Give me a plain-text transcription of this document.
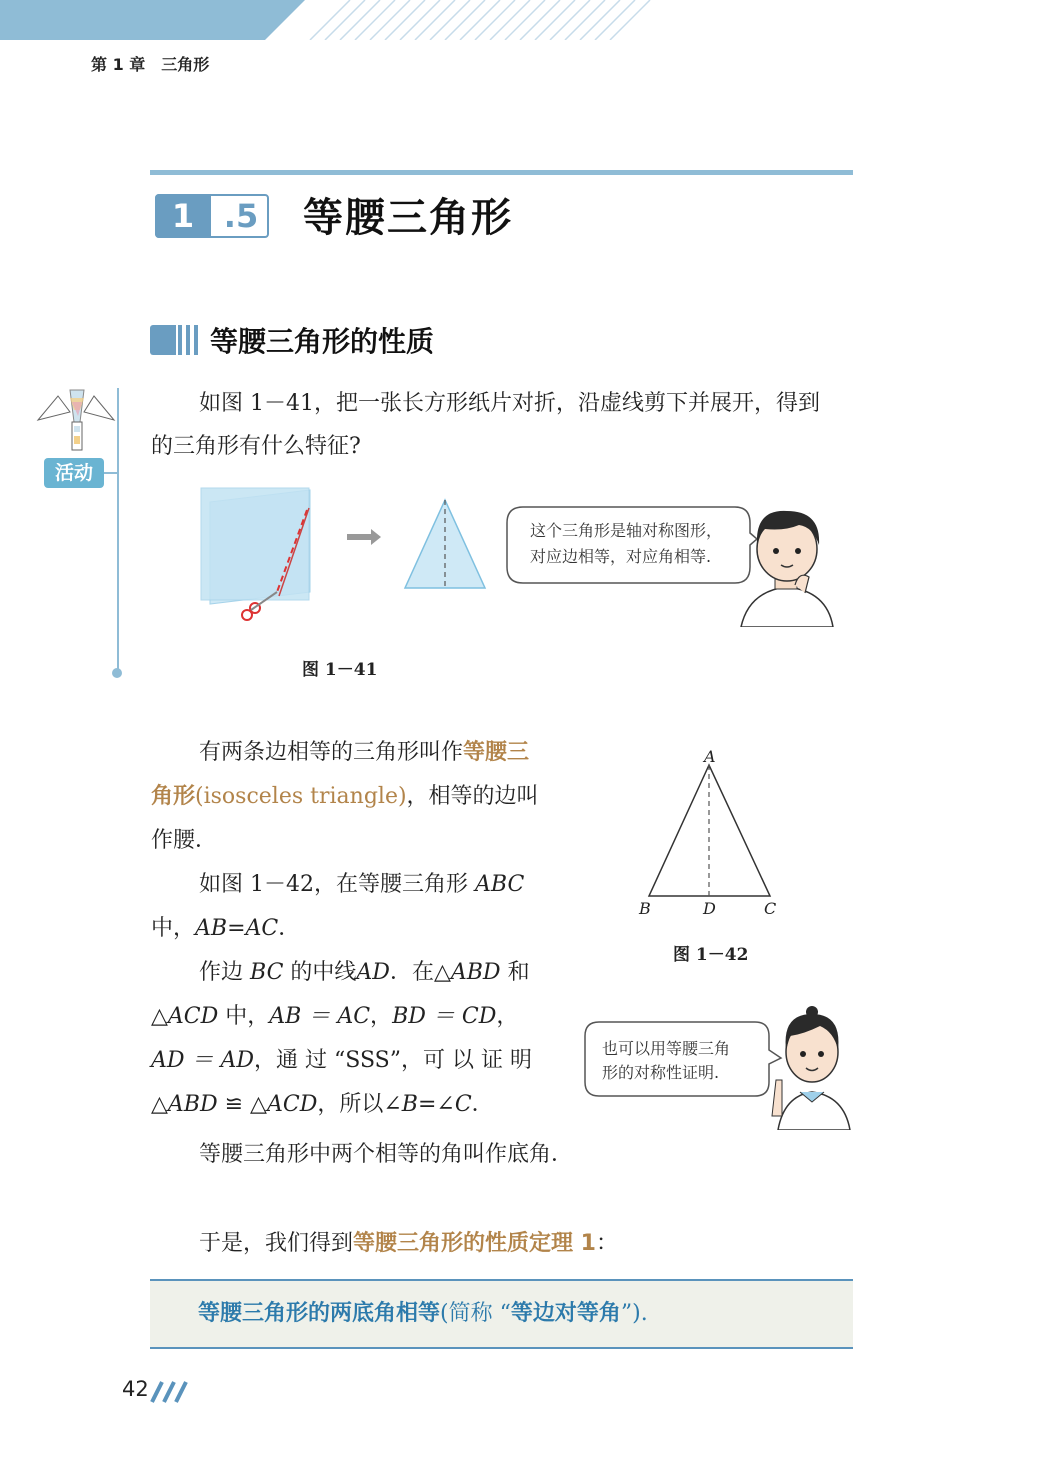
第 1 章　三角形
1 .5 等腰三角形
等腰三角形的性质
活动
如图 1－41，把一张长方形纸片对折，沿虚线剪下并展开，得到
的三角形有什么特征?
这个三角形是轴对称图形，
对应边相等，对应角相等.
图 1－41
有两条边相等的三角形叫作等腰三
角形(isosceles triangle)，相等的边叫
作腰．
如图 1－42，在等腰三角形 ABC
中，AB=AC．
作边 BC 的中线AD．在△ABD 和
△ACD 中，AB ＝ AC，BD ＝ CD，
AD ＝ AD，通 过 “SSS”，可 以 证 明
△ABD ≌ △ACD，所以∠B=∠C．
等腰三角形中两个相等的角叫作底角．
A
B	D	C
图 1－42
也可以用等腰三角
形的对称性证明.
于是，我们得到等腰三角形的性质定理 1：
等腰三角形的两底角相等(简称 “等边对等角”).
42
